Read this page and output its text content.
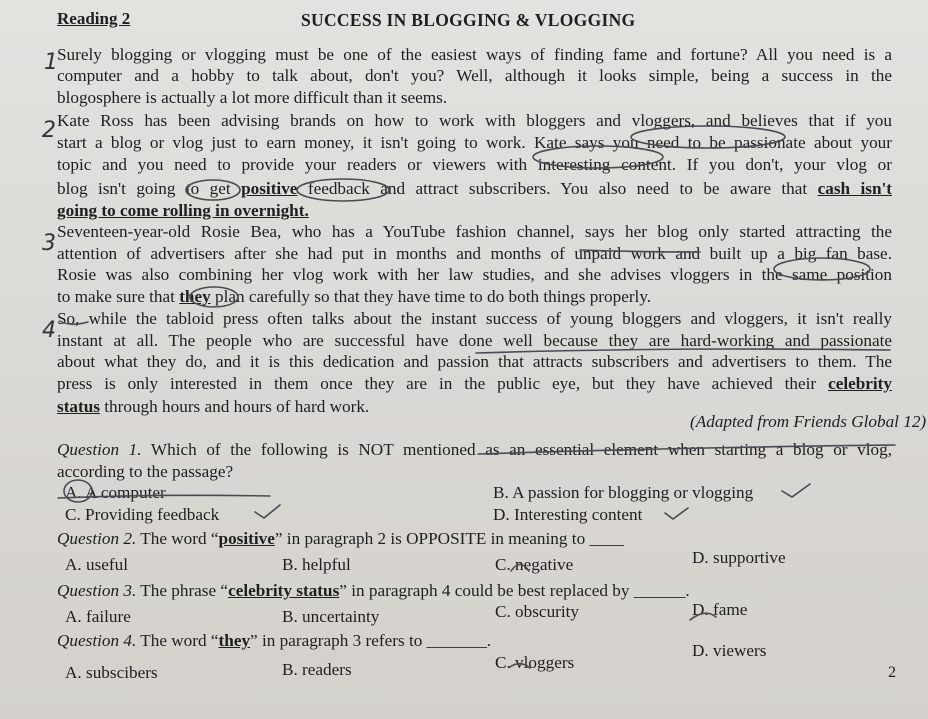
Reading 2	SUCCESS IN BLOGGING & VLOGGING
1
2
3
4
Surely blogging or vlogging must be one of the easiest ways of finding fame and fortune? All you need is a
computer and a hobby to talk about, don't you? Well, although it looks simple, being a success in the
blogosphere is actually a lot more difficult than it seems.
Kate Ross has been advising brands on how to work with bloggers and vloggers, and believes that if you
start a blog or vlog just to earn money, it isn't going to work. Kate says you need to be passionate about your
topic and you need to provide your readers or viewers with interesting content. If you don't, your vlog or
blog isn't going to get positive feedback and attract subscribers. You also need to be aware that cash isn't
going to come rolling in overnight.
Seventeen-year-old Rosie Bea, who has a YouTube fashion channel, says her blog only started attracting the
attention of advertisers after she had put in months and months of unpaid work and built up a big fan base.
Rosie was also combining her vlog work with her law studies, and she advises vloggers in the same position
to make sure that they plan carefully so that they have time to do both things properly.
So, while the tabloid press often talks about the instant success of young bloggers and vloggers, it isn't really
instant at all. The people who are successful have done well because they are hard-working and passionate
about what they do, and it is this dedication and passion that attracts subscribers and advertisers to them. The
press is only interested in them once they are in the public eye, but they have achieved their celebrity
status through hours and hours of hard work.
(Adapted from Friends Global 12)
Question 1. Which of the following is NOT mentioned as an essential element when starting a blog or vlog,
according to the passage?
A. A computer	B. A passion for blogging or vlogging
C. Providing feedback	D. Interesting content
Question 2. The word “positive” in paragraph 2 is OPPOSITE in meaning to ____
A. useful	B. helpful	C. negative	D. supportive
Question 3. The phrase “celebrity status” in paragraph 4 could be best replaced by ______.
A. failure	B. uncertainty	C. obscurity	D. fame
Question 4. The word “they” in paragraph 3 refers to _______.
A. subscibers	B. readers	C. vloggers
D. viewers
2
